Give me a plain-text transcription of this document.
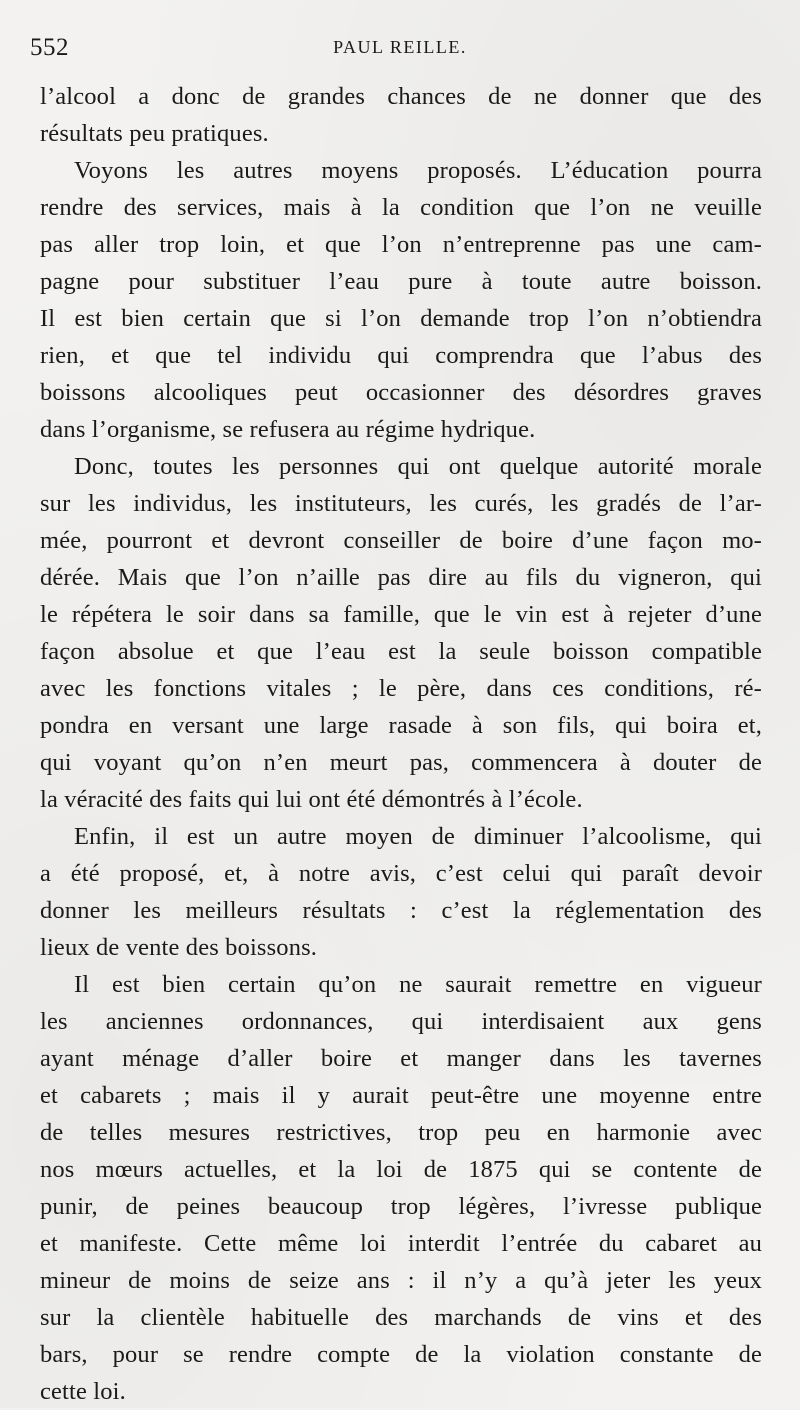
552	PAUL REILLE.
l’alcool a donc de grandes chances de ne donner que des
résultats peu pratiques.
Voyons les autres moyens proposés. L’éducation pourra
rendre des services, mais à la condition que l’on ne veuille
pas aller trop loin, et que l’on n’entreprenne pas une cam-
pagne pour substituer l’eau pure à toute autre boisson.
Il est bien certain que si l’on demande trop l’on n’obtiendra
rien, et que tel individu qui comprendra que l’abus des
boissons alcooliques peut occasionner des désordres graves
dans l’organisme, se refusera au régime hydrique.
Donc, toutes les personnes qui ont quelque autorité morale
sur les individus, les instituteurs, les curés, les gradés de l’ar-
mée, pourront et devront conseiller de boire d’une façon mo-
dérée. Mais que l’on n’aille pas dire au fils du vigneron, qui
le répétera le soir dans sa famille, que le vin est à rejeter d’une
façon absolue et que l’eau est la seule boisson compatible
avec les fonctions vitales ; le père, dans ces conditions, ré-
pondra en versant une large rasade à son fils, qui boira et,
qui voyant qu’on n’en meurt pas, commencera à douter de
la véracité des faits qui lui ont été démontrés à l’école.
Enfin, il est un autre moyen de diminuer l’alcoolisme, qui
a été proposé, et, à notre avis, c’est celui qui paraît devoir
donner les meilleurs résultats : c’est la réglementation des
lieux de vente des boissons.
Il est bien certain qu’on ne saurait remettre en vigueur
les anciennes ordonnances, qui interdisaient aux gens
ayant ménage d’aller boire et manger dans les tavernes
et cabarets ; mais il y aurait peut-être une moyenne entre
de telles mesures restrictives, trop peu en harmonie avec
nos mœurs actuelles, et la loi de 1875 qui se contente de
punir, de peines beaucoup trop légères, l’ivresse publique
et manifeste. Cette même loi interdit l’entrée du cabaret au
mineur de moins de seize ans : il n’y a qu’à jeter les yeux
sur la clientèle habituelle des marchands de vins et des
bars, pour se rendre compte de la violation constante de
cette loi.
